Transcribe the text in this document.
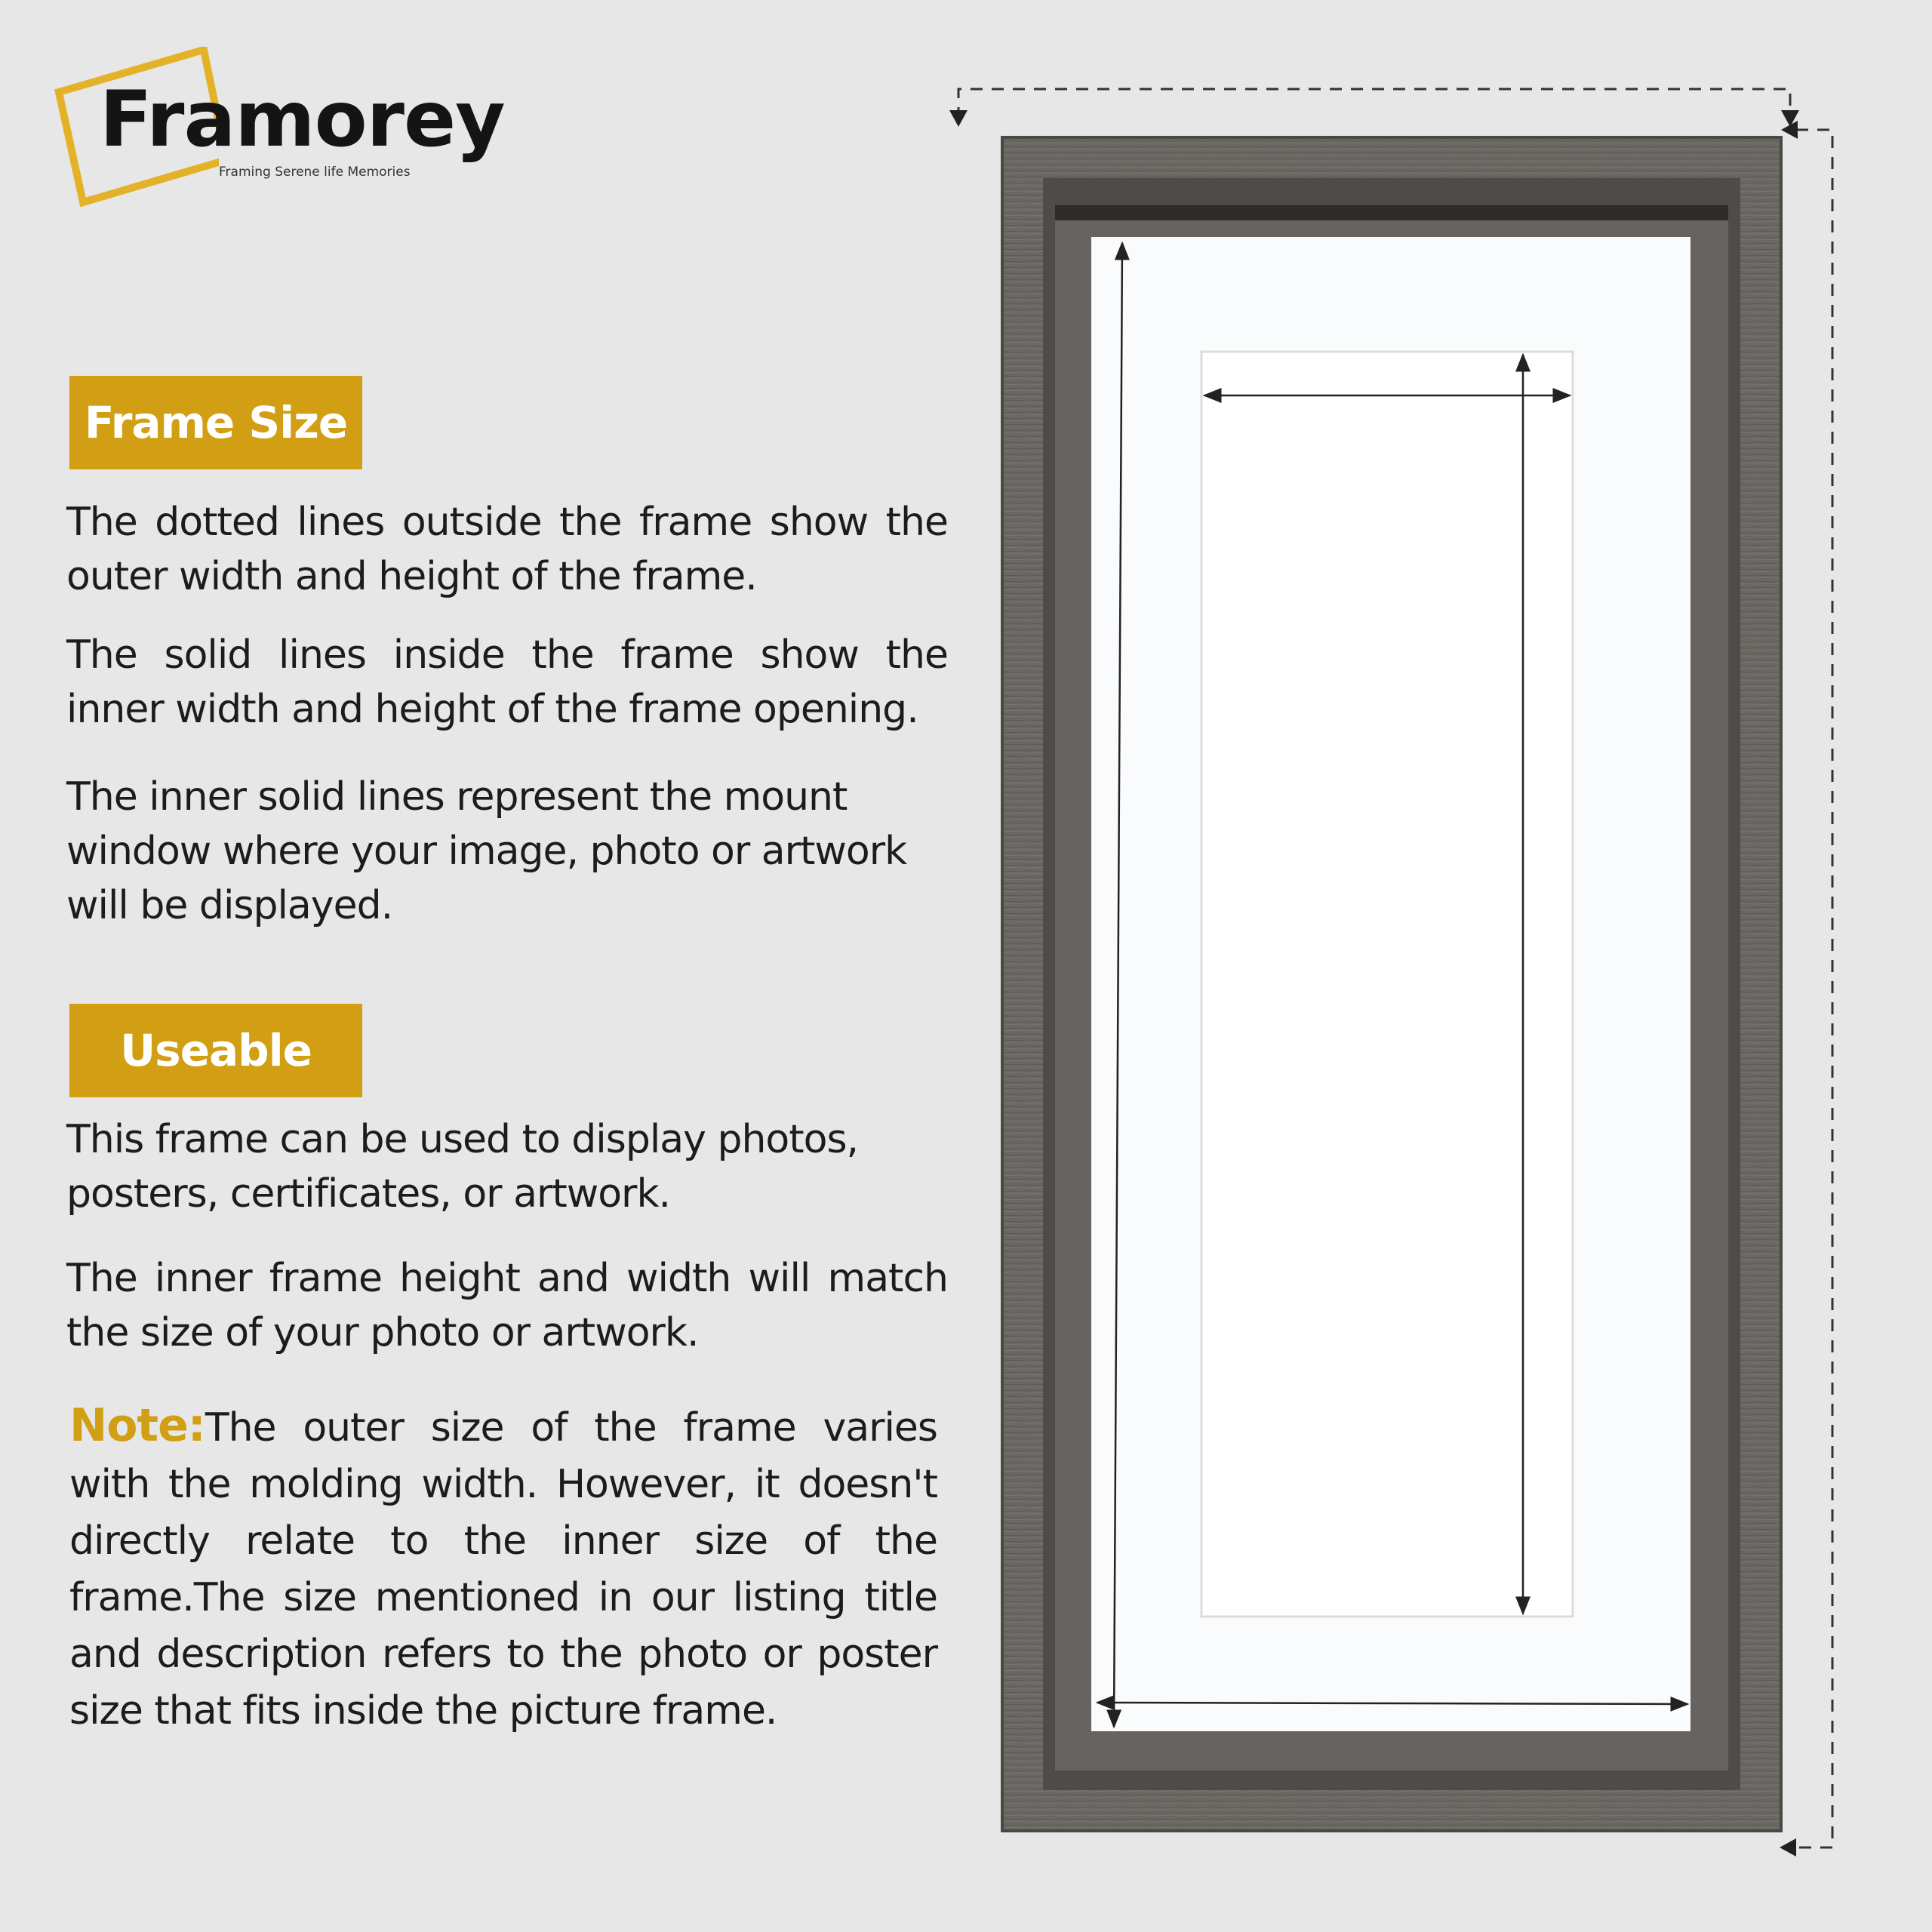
Framorey
Framing Serene life Memories
Frame Size

The dotted lines outside the frame show the outer width and height of the frame.

The solid lines inside the frame show the inner width and height of the frame opening.

The inner solid lines represent the mount window where your image, photo or artwork will be displayed.

Useable

This frame can be used to display photos, posters, certificates, or artwork.

The inner frame height and width will match the size of your photo or artwork.

Note:The outer size of the frame varies with the molding width. However, it doesn't directly relate to the inner size of the frame.The size mentioned in our listing title and description refers to the photo or poster size that fits inside the picture frame.
